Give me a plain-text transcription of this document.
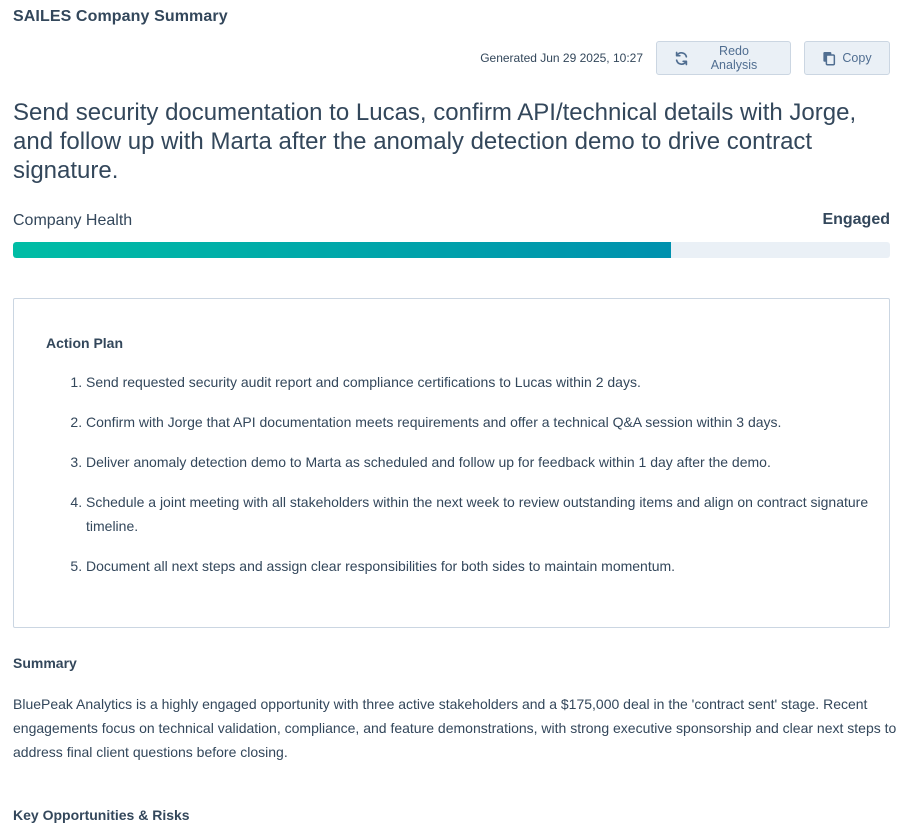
SAILES Company Summary
Generated Jun 29 2025, 10:27	Redo Analysis	Copy
Send security documentation to Lucas, confirm API/technical details with Jorge, and follow up with Marta after the anomaly detection demo to drive contract signature.
Company Health	Engaged
Action Plan
1. Send requested security audit report and compliance certifications to Lucas within 2 days.
2. Confirm with Jorge that API documentation meets requirements and offer a technical Q&A session within 3 days.
3. Deliver anomaly detection demo to Marta as scheduled and follow up for feedback within 1 day after the demo.
4. Schedule a joint meeting with all stakeholders within the next week to review outstanding items and align on contract signature timeline.
5. Document all next steps and assign clear responsibilities for both sides to maintain momentum.
Summary

BluePeak Analytics is a highly engaged opportunity with three active stakeholders and a $175,000 deal in the 'contract sent' stage. Recent engagements focus on technical validation, compliance, and feature demonstrations, with strong executive sponsorship and clear next steps to address final client questions before closing.

Key Opportunities & Risks
